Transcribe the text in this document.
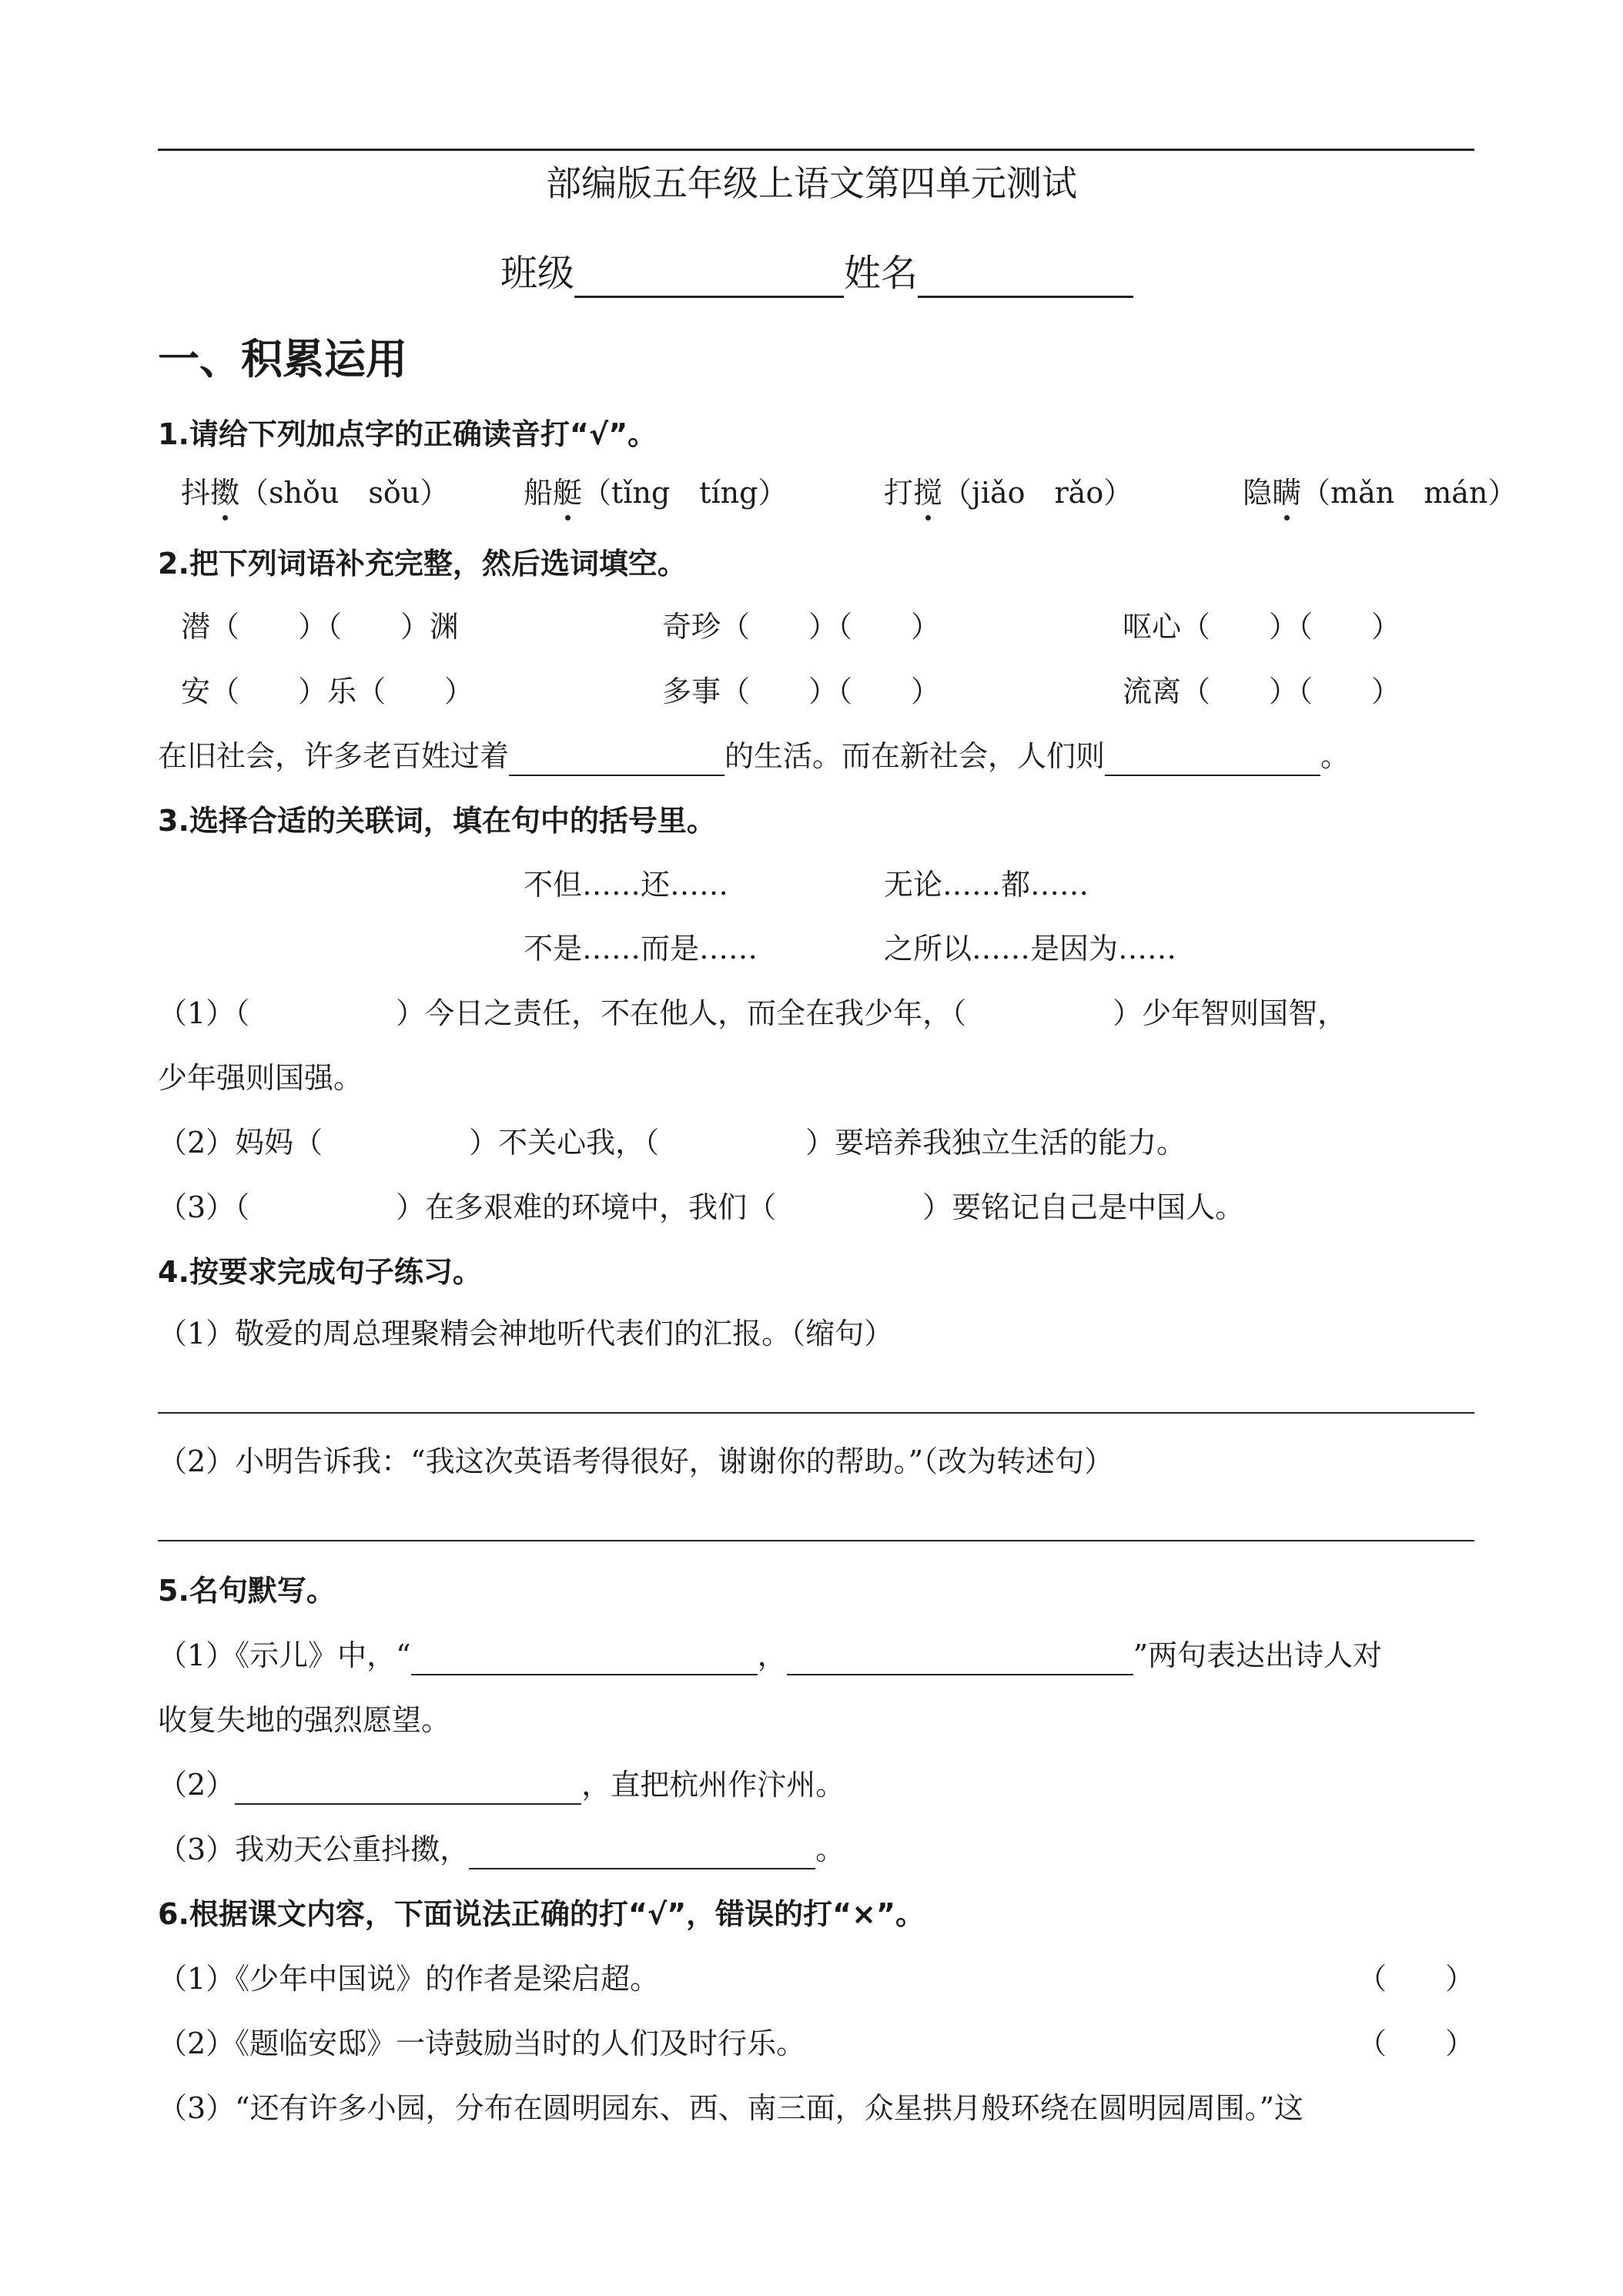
部编版五年级上语文第四单元测试
班级	姓名
一、积累运用
1.请给下列加点字的正确读音打“√”。
抖擞（shǒu　sǒu）	船艇（tǐng　tíng）	打搅（jiǎo　rǎo）	隐瞒（mǎn　mán）
2.把下列词语补充完整，然后选词填空。
潜（　　）（　　）渊	奇珍（　　）（　　）	呕心（　　）（　　）
安（　　）乐（　　）	多事（　　）（　　）	流离（　　）（　　）
在旧社会，许多老百姓过着	的生活。而在新社会，人们则	。
3.选择合适的关联词，填在句中的括号里。
不但……还……	无论……都……
不是……而是……	之所以……是因为……
（1）（　　　　　）今日之责任，不在他人，而全在我少年，（　　　　　）少年智则国智，
少年强则国强。
（2）妈妈（　　　　　）不关心我，（　　　　　）要培养我独立生活的能力。
（3）（　　　　　）在多艰难的环境中，我们（　　　　　）要铭记自己是中国人。
4.按要求完成句子练习。
（1）敬爱的周总理聚精会神地听代表们的汇报。（缩句）
（2）小明告诉我：“我这次英语考得很好，谢谢你的帮助。”（改为转述句）
5.名句默写。
（1）《示儿》中，“	，	”两句表达出诗人对
收复失地的强烈愿望。
（2）	，直把杭州作汴州。
（3）我劝天公重抖擞，	。
6.根据课文内容，下面说法正确的打“√”，错误的打“×”。
（1）《少年中国说》的作者是梁启超。	（　　）
（2）《题临安邸》一诗鼓励当时的人们及时行乐。	（　　）
（3）“还有许多小园，分布在圆明园东、西、南三面，众星拱月般环绕在圆明园周围。”这
